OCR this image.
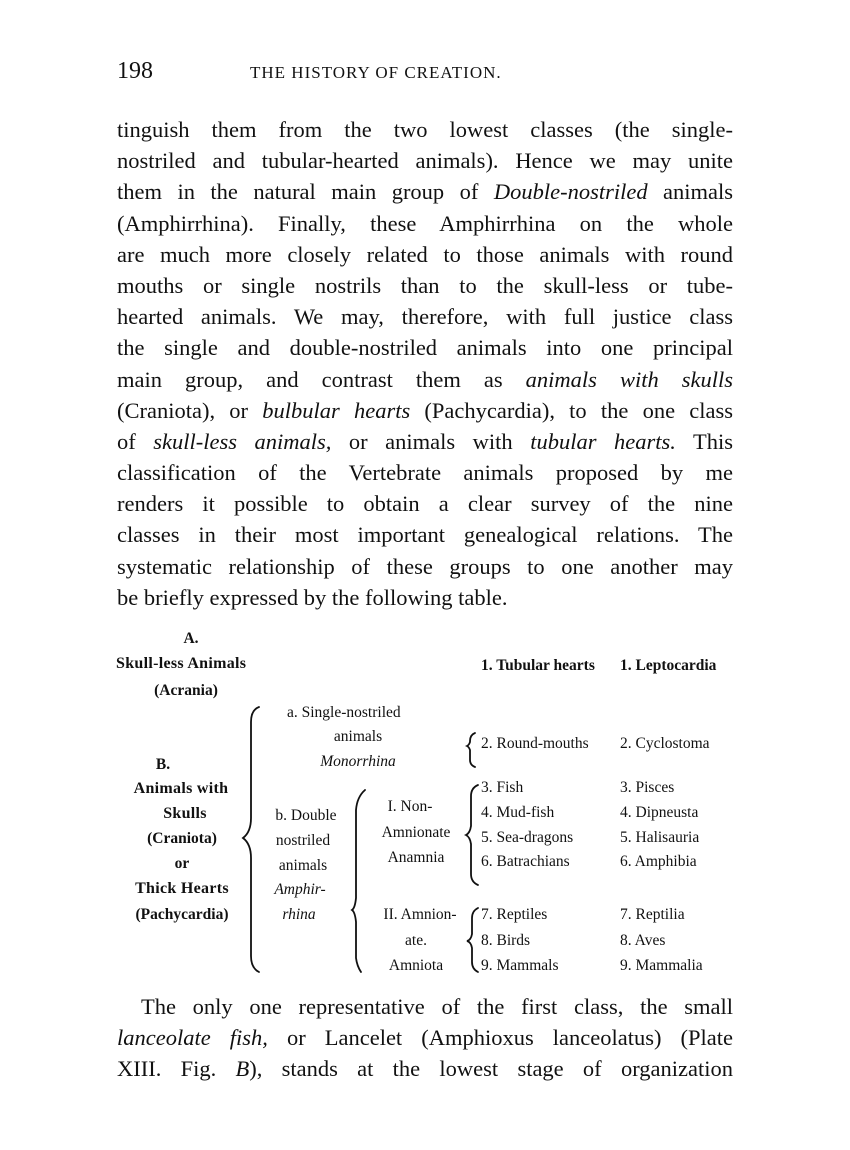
198	THE HISTORY OF CREATION.
tinguish them from the two lowest classes (the single-
nostriled and tubular-hearted animals). Hence we may unite
them in the natural main group of Double-nostriled animals
(Amphirrhina). Finally, these Amphirrhina on the whole
are much more closely related to those animals with round
mouths or single nostrils than to the skull-less or tube-
hearted animals. We may, therefore, with full justice class
the single and double-nostriled animals into one principal
main group, and contrast them as animals with skulls
(Craniota), or bulbular hearts (Pachycardia), to the one class
of skull-less animals, or animals with tubular hearts. This
classification of the Vertebrate animals proposed by me
renders it possible to obtain a clear survey of the nine
classes in their most important genealogical relations. The
systematic relationship of these groups to one another may
be briefly expressed by the following table.
A.
Skull-less Animals
(Acrania)
1. Tubular hearts 1. Leptocardia
a. Single-nostriled
animals
Monorrhina
2. Round-mouths 2. Cyclostoma
B.
Animals with
Skulls
(Craniota)
or
Thick Hearts
(Pachycardia)
b. Double
nostriled
animals
Amphir-
rhina
I. Non-
Amnionate
Anamnia
II. Amnion-
ate.
Amniota
3. Fish
4. Mud-fish
5. Sea-dragons
6. Batrachians
7. Reptiles
8. Birds
9. Mammals
3. Pisces
4. Dipneusta
5. Halisauria
6. Amphibia
7. Reptilia
8. Aves
9. Mammalia
The only one representative of the first class, the small
lanceolate fish, or Lancelet (Amphioxus lanceolatus) (Plate
XIII. Fig. B), stands at the lowest stage of organization
